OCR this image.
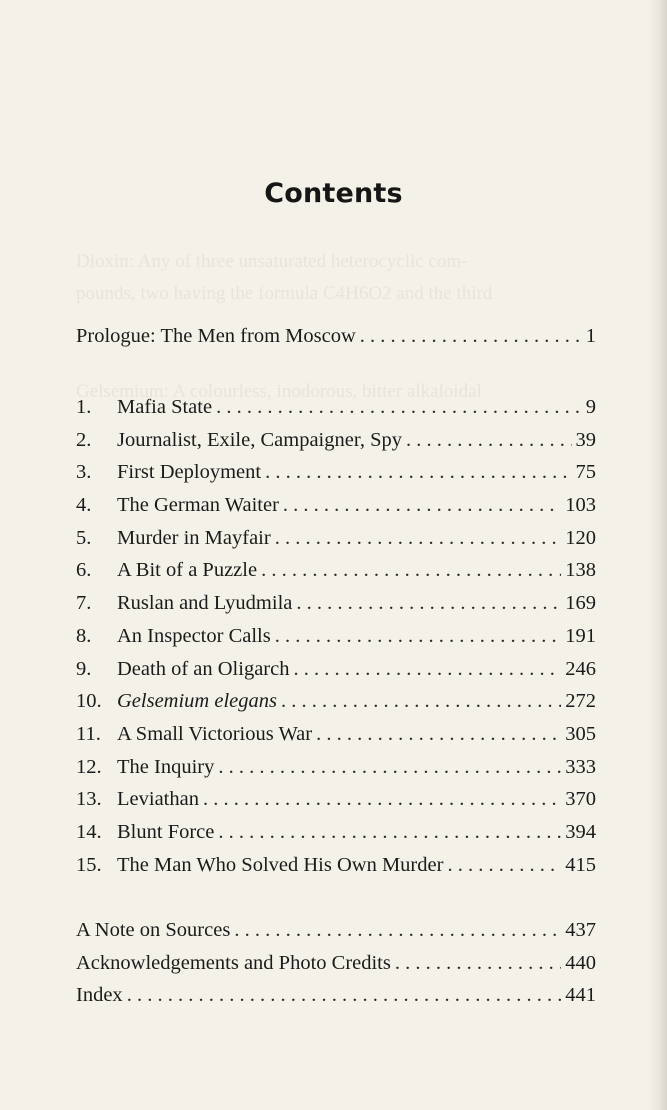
Dioxin: Any of three unsaturated heterocyclic com-
pounds, two having the formula C4H6O2 and the third
Gelsemium: A colourless, inodorous, bitter alkaloidal
Contents
Prologue: The Men from Moscow . . .	1
1.	Mafia State . . .	9
2.	Journalist, Exile, Campaigner, Spy . . .	39
3.	First Deployment . . .	75
4.	The German Waiter . . .	103
5.	Murder in Mayfair . . .	120
6.	A Bit of a Puzzle . . .	138
7.	Ruslan and Lyudmila . . .	169
8.	An Inspector Calls . . .	191
9.	Death of an Oligarch . . .	246
10. Gelsemium elegans . . .	272
11. A Small Victorious War . . .	305
12. The Inquiry . . .	333
13. Leviathan . . .	370
14. Blunt Force . . .	394
15. The Man Who Solved His Own Murder . . .	415
A Note on Sources . . .	437
Acknowledgements and Photo Credits . . .	440
Index . . .	441
